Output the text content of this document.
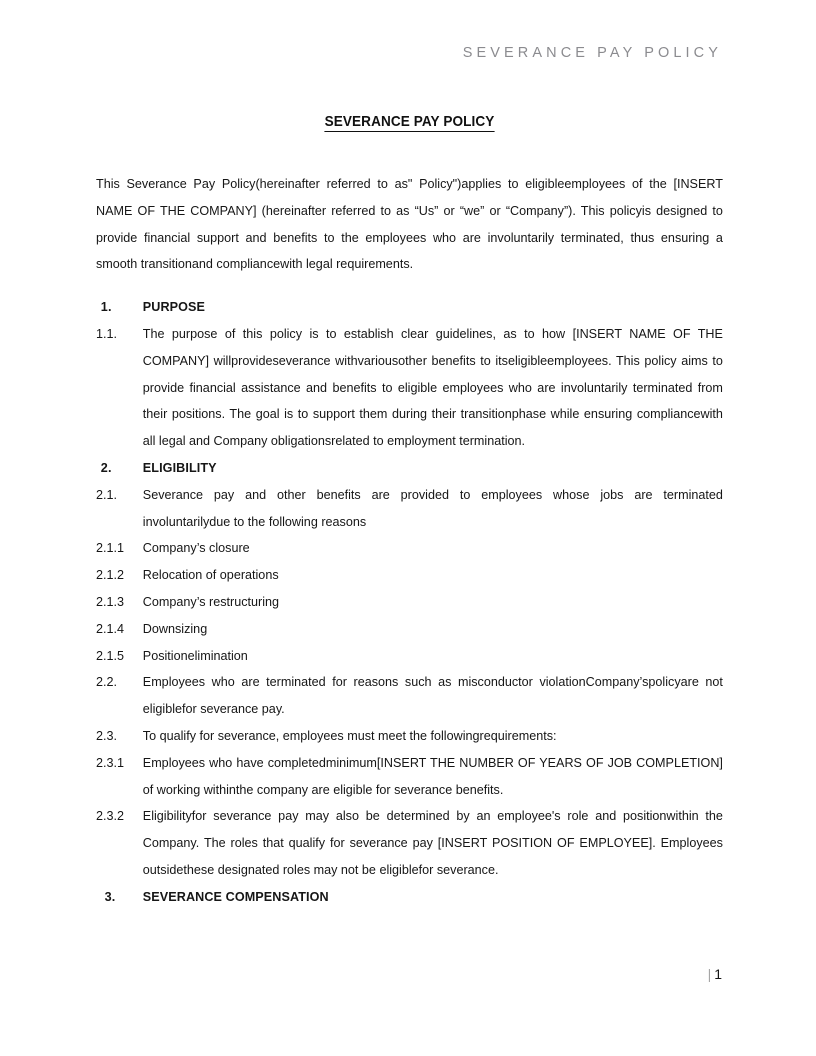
SEVERANCE PAY POLICY
SEVERANCE PAY POLICY

This Severance Pay Policy(hereinafter referred to as" Policy")applies to eligibleemployees of the [INSERT NAME OF THE COMPANY] (hereinafter referred to as “Us” or “we” or “Company”). This policyis designed to provide financial support and benefits to the employees who are involuntarily terminated, thus ensuring a smooth transitionand compliancewith legal requirements.

1.	PURPOSE
1.1.	The purpose of this policy is to establish clear guidelines, as to how [INSERT NAME OF THE COMPANY] willprovideseverance withvariousother benefits to itseligibleemployees. This policy aims to provide financial assistance and benefits to eligible employees who are involuntarily terminated from their positions. The goal is to support them during their transitionphase while ensuring compliancewith all legal and Company obligationsrelated to employment termination.
2.	ELIGIBILITY
2.1.	Severance pay and other benefits are provided to employees whose jobs are terminated involuntarilydue to the following reasons
2.1.1	Company’s closure
2.1.2	Relocation of operations
2.1.3	Company’s restructuring
2.1.4	Downsizing
2.1.5	Positionelimination
2.2.	Employees who are terminated for reasons such as misconductor violationCompany’spolicyare not eligiblefor severance pay.
2.3.	To qualify for severance, employees must meet the followingrequirements:
2.3.1	Employees who have completedminimum[INSERT THE NUMBER OF YEARS OF JOB COMPLETION] of working withinthe company are eligible for severance benefits.
2.3.2	Eligibilityfor severance pay may also be determined by an employee's role and positionwithin the Company. The roles that qualify for severance pay [INSERT POSITION OF EMPLOYEE]. Employees outsidethese designated roles may not be eligiblefor severance.
3.	SEVERANCE COMPENSATION
| 1
